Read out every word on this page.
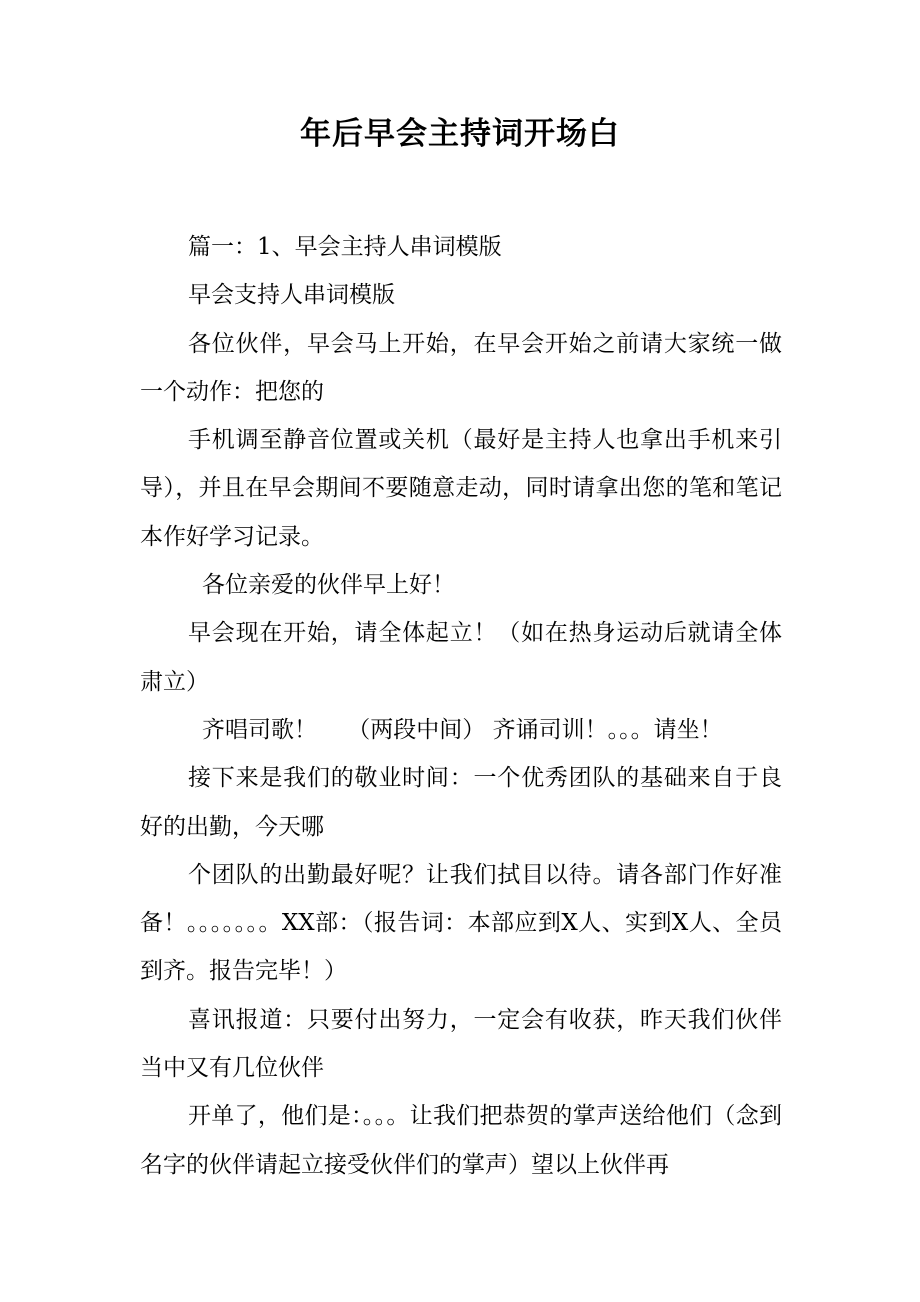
年后早会主持词开场白

篇一：1、早会主持人串词模版

早会支持人串词模版

各位伙伴，早会马上开始，在早会开始之前请大家统一做一个动作：把您的

手机调至静音位置或关机（最好是主持人也拿出手机来引导），并且在早会期间不要随意走动，同时请拿出您的笔和笔记本作好学习记录。

各位亲爱的伙伴早上好！

早会现在开始，请全体起立！（如在热身运动后就请全体肃立）

齐唱司歌！　 （两段中间） 齐诵司训！。。。请坐！

接下来是我们的敬业时间：一个优秀团队的基础来自于良好的出勤，今天哪

个团队的出勤最好呢？让我们拭目以待。请各部门作好准备！。。。。。。。XX部：（报告词：本部应到X人、实到X人、全员到齐。报告完毕！）

喜讯报道：只要付出努力，一定会有收获，昨天我们伙伴当中又有几位伙伴

开单了，他们是：。。。让我们把恭贺的掌声送给他们（念到名字的伙伴请起立接受伙伴们的掌声）望以上伙伴再
